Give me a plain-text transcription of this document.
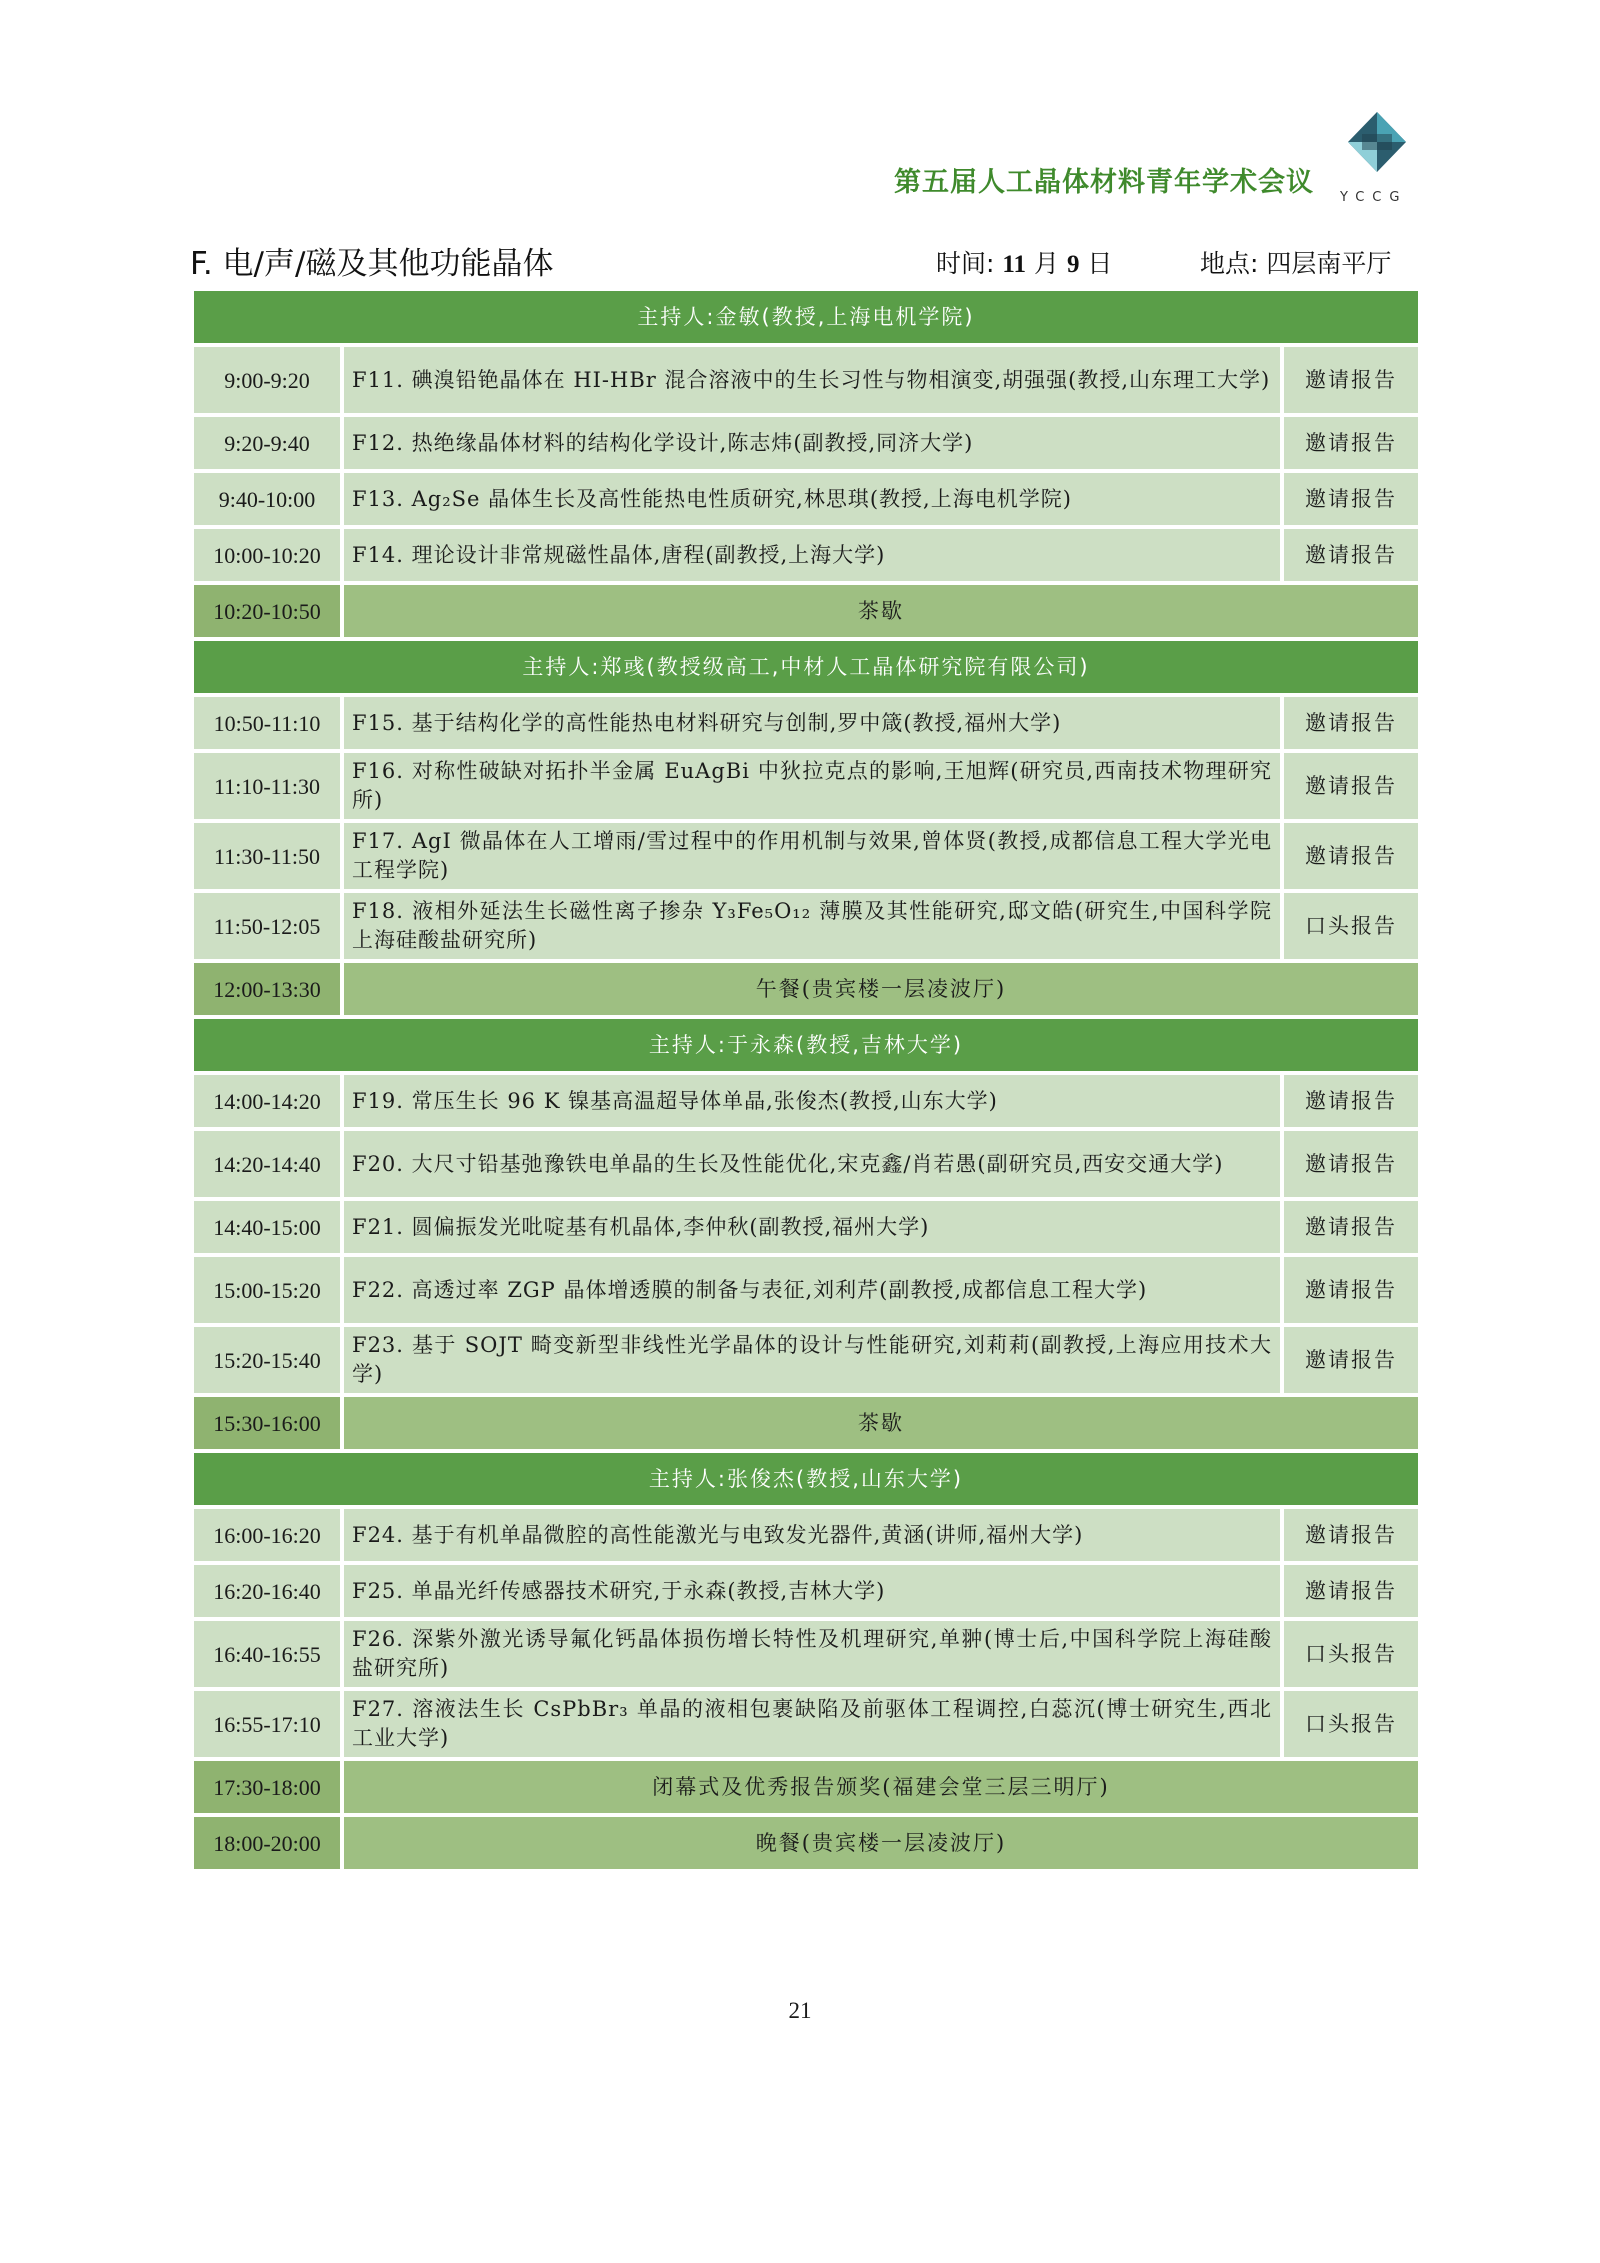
第五届人工晶体材料青年学术会议 YCCG
F. 电/声/磁及其他功能晶体	时间: 11 月 9 日	地点: 四层南平厅
主持人:金敏(教授,上海电机学院)		
9:00-9:20	F11. 碘溴铅铯晶体在 HI-HBr 混合溶液中的生长习性与物相演变,胡强强(教授,山东理工大学)	邀请报告
9:20-9:40	F12. 热绝缘晶体材料的结构化学设计,陈志炜(副教授,同济大学)	邀请报告
9:40-10:00	F13. Ag₂Se 晶体生长及高性能热电性质研究,林思琪(教授,上海电机学院)	邀请报告
10:00-10:20	F14. 理论设计非常规磁性晶体,唐程(副教授,上海大学)	邀请报告
10:20-10:50	茶歇	
主持人:郑彧(教授级高工,中材人工晶体研究院有限公司)		
10:50-11:10	F15. 基于结构化学的高性能热电材料研究与创制,罗中箴(教授,福州大学)	邀请报告
11:10-11:30	F16. 对称性破缺对拓扑半金属 EuAgBi 中狄拉克点的影响,王旭辉(研究员,西南技术物理研究所)	邀请报告
11:30-11:50	F17. AgI 微晶体在人工增雨/雪过程中的作用机制与效果,曾体贤(教授,成都信息工程大学光电工程学院)	邀请报告
11:50-12:05	F18. 液相外延法生长磁性离子掺杂 Y₃Fe₅O₁₂ 薄膜及其性能研究,邸文皓(研究生,中国科学院上海硅酸盐研究所)	口头报告
12:00-13:30	午餐(贵宾楼一层凌波厅)	
主持人:于永森(教授,吉林大学)		
14:00-14:20	F19. 常压生长 96 K 镍基高温超导体单晶,张俊杰(教授,山东大学)	邀请报告
14:20-14:40	F20. 大尺寸铅基弛豫铁电单晶的生长及性能优化,宋克鑫/肖若愚(副研究员,西安交通大学)	邀请报告
14:40-15:00	F21. 圆偏振发光吡啶基有机晶体,李仲秋(副教授,福州大学)	邀请报告
15:00-15:20	F22. 高透过率 ZGP 晶体增透膜的制备与表征,刘利芹(副教授,成都信息工程大学)	邀请报告
15:20-15:40	F23. 基于 SOJT 畸变新型非线性光学晶体的设计与性能研究,刘莉莉(副教授,上海应用技术大学)	邀请报告
15:30-16:00	茶歇	
主持人:张俊杰(教授,山东大学)		
16:00-16:20	F24. 基于有机单晶微腔的高性能激光与电致发光器件,黄涵(讲师,福州大学)	邀请报告
16:20-16:40	F25. 单晶光纤传感器技术研究,于永森(教授,吉林大学)	邀请报告
16:40-16:55	F26. 深紫外激光诱导氟化钙晶体损伤增长特性及机理研究,单翀(博士后,中国科学院上海硅酸盐研究所)	口头报告
16:55-17:10	F27. 溶液法生长 CsPbBr₃ 单晶的液相包裹缺陷及前驱体工程调控,白蕊沉(博士研究生,西北工业大学)	口头报告
17:30-18:00	闭幕式及优秀报告颁奖(福建会堂三层三明厅)	
18:00-20:00	晚餐(贵宾楼一层凌波厅)	
21
